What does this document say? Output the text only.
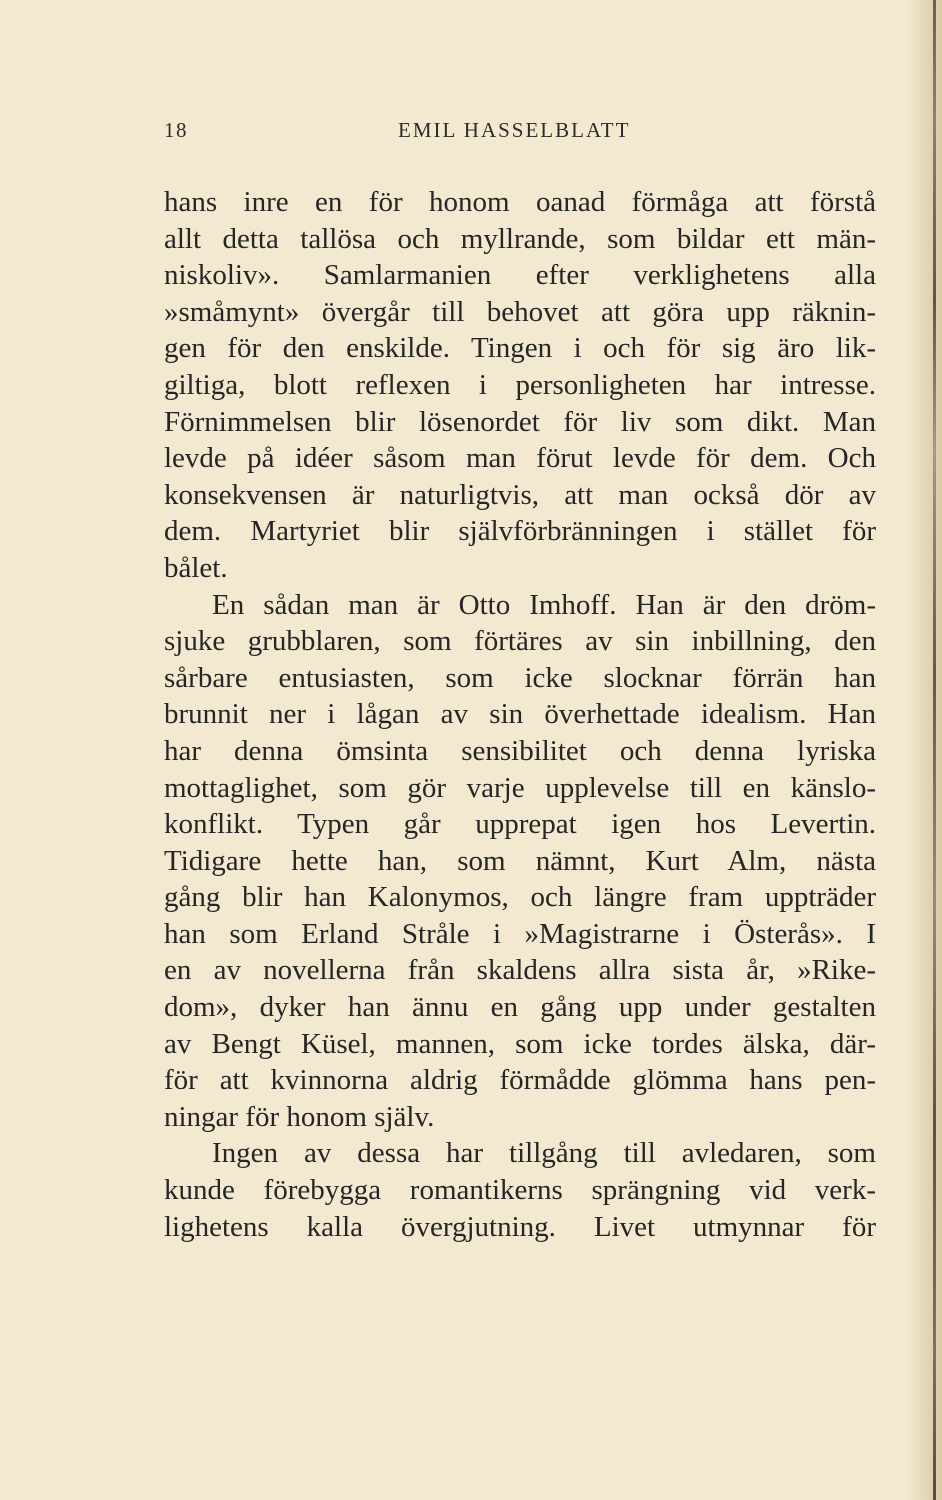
18	EMIL HASSELBLATT
hans inre en för honom oanad förmåga att förstå
allt detta tallösa och myllrande, som bildar ett män-
niskoliv». Samlarmanien efter verklighetens alla
»småmynt» övergår till behovet att göra upp räknin-
gen för den enskilde. Tingen i och för sig äro lik-
giltiga, blott reflexen i personligheten har intresse.
Förnimmelsen blir lösenordet för liv som dikt. Man
levde på idéer såsom man förut levde för dem. Och
konsekvensen är naturligtvis, att man också dör av
dem. Martyriet blir självförbränningen i stället för
bålet.
En sådan man är Otto Imhoff. Han är den dröm-
sjuke grubblaren, som förtäres av sin inbillning, den
sårbare entusiasten, som icke slocknar förrän han
brunnit ner i lågan av sin överhettade idealism. Han
har denna ömsinta sensibilitet och denna lyriska
mottaglighet, som gör varje upplevelse till en känslo-
konflikt. Typen går upprepat igen hos Levertin.
Tidigare hette han, som nämnt, Kurt Alm, nästa
gång blir han Kalonymos, och längre fram uppträder
han som Erland Stråle i »Magistrarne i Österås». I
en av novellerna från skaldens allra sista år, »Rike-
dom», dyker han ännu en gång upp under gestalten
av Bengt Küsel, mannen, som icke tordes älska, där-
för att kvinnorna aldrig förmådde glömma hans pen-
ningar för honom själv.
Ingen av dessa har tillgång till avledaren, som
kunde förebygga romantikerns sprängning vid verk-
lighetens kalla övergjutning. Livet utmynnar för
